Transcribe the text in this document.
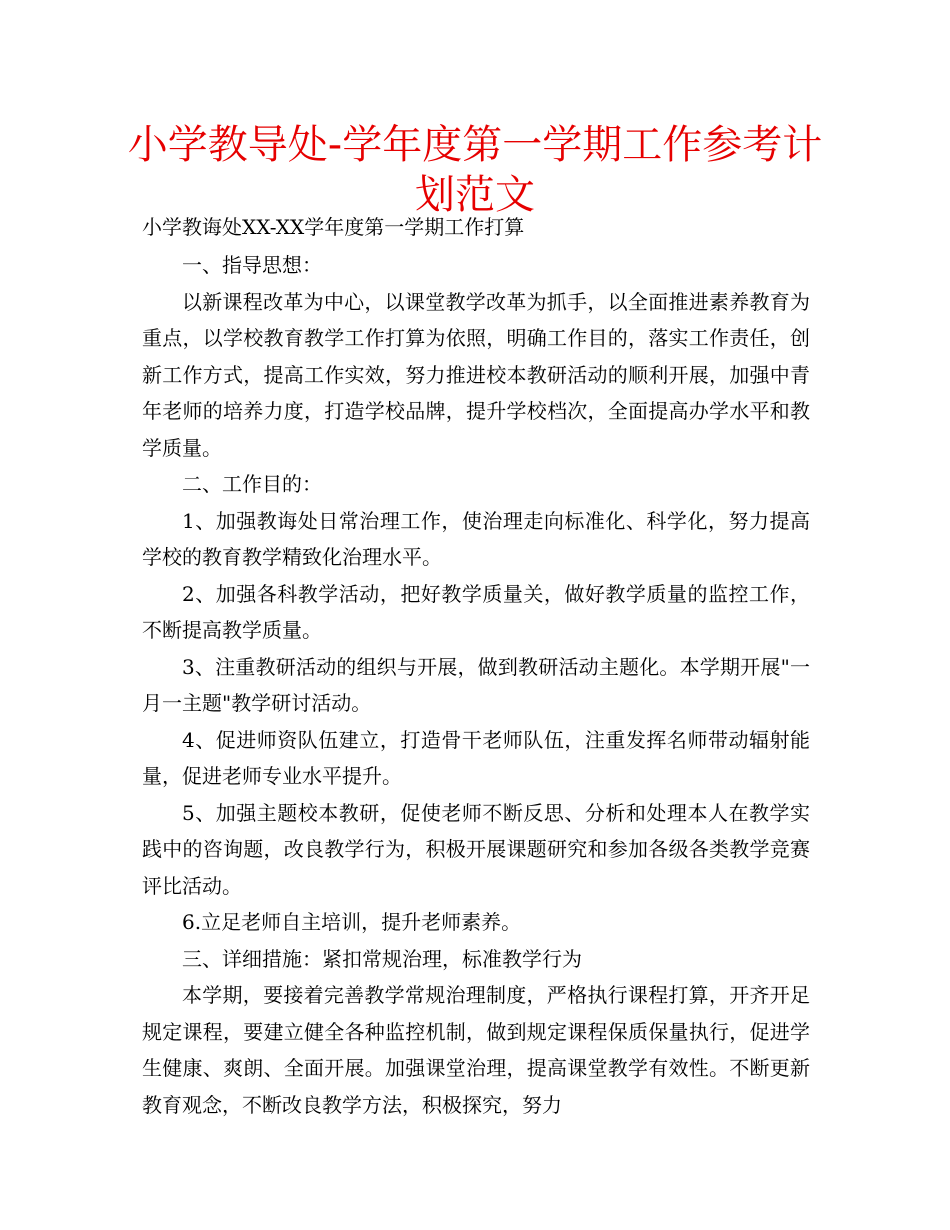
小学教导处-学年度第一学期工作参考计划范文

小学教诲处XX-XX学年度第一学期工作打算

一、指导思想：

以新课程改革为中心，以课堂教学改革为抓手，以全面推进素养教育为重点，以学校教育教学工作打算为依照，明确工作目的，落实工作责任，创新工作方式，提高工作实效，努力推进校本教研活动的顺利开展，加强中青年老师的培养力度，打造学校品牌，提升学校档次，全面提高办学水平和教学质量。

二、工作目的：

1、加强教诲处日常治理工作，使治理走向标准化、科学化，努力提高学校的教育教学精致化治理水平。

2、加强各科教学活动，把好教学质量关，做好教学质量的监控工作，不断提高教学质量。

3、注重教研活动的组织与开展，做到教研活动主题化。本学期开展"一月一主题"教学研讨活动。

4、促进师资队伍建立，打造骨干老师队伍，注重发挥名师带动辐射能量，促进老师专业水平提升。

5、加强主题校本教研，促使老师不断反思、分析和处理本人在教学实践中的咨询题，改良教学行为，积极开展课题研究和参加各级各类教学竞赛评比活动。

6.立足老师自主培训，提升老师素养。

三、详细措施：紧扣常规治理，标准教学行为

本学期，要接着完善教学常规治理制度，严格执行课程打算，开齐开足规定课程，要建立健全各种监控机制，做到规定课程保质保量执行，促进学生健康、爽朗、全面开展。加强课堂治理，提高课堂教学有效性。不断更新教育观念，不断改良教学方法，积极探究，努力
